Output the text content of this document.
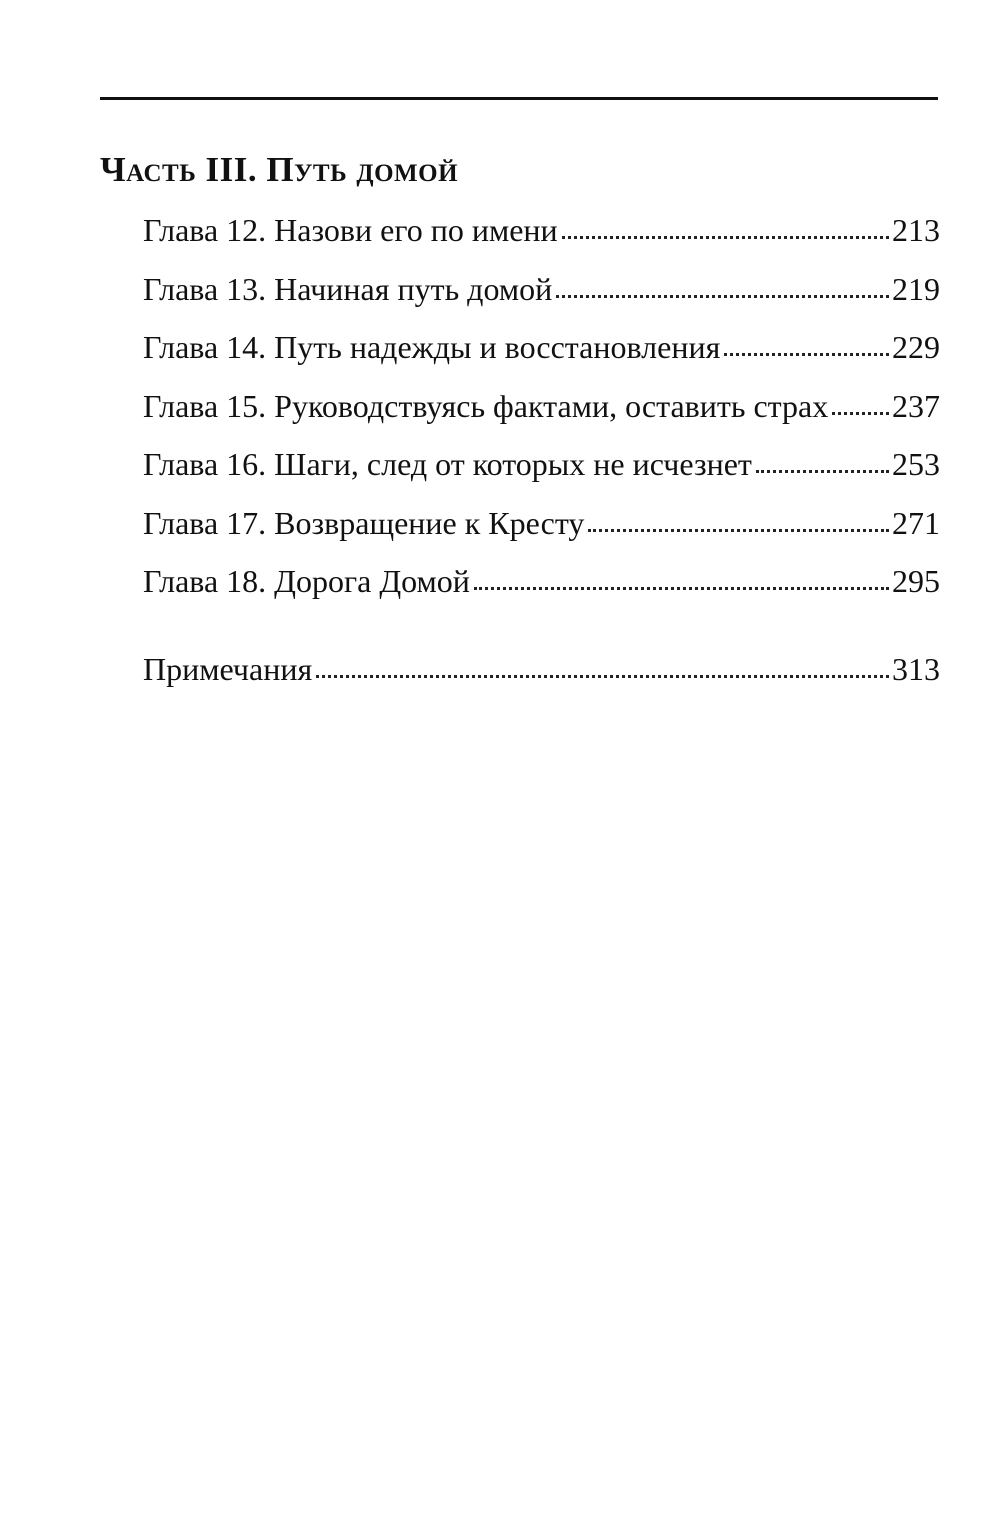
Часть III. Путь домой
Глава 12. Назови его по имени	213
Глава 13. Начиная путь домой	219
Глава 14. Путь надежды и восстановления	229
Глава 15. Руководствуясь фактами, оставить страх 237
Глава 16. Шаги, след от которых не исчезнет	253
Глава 17. Возвращение к Кресту	271
Глава 18. Дорога Домой	295
Примечания	313
